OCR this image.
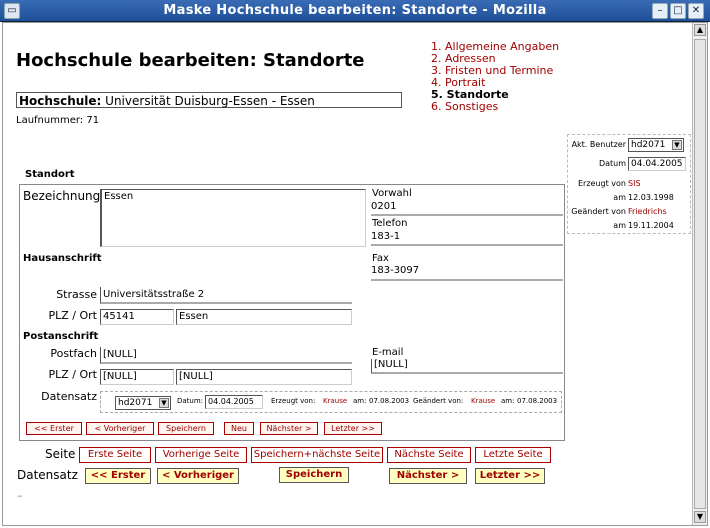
▭	Maske Hochschule bearbeiten: Standorte - Mozilla	–	□ ✕
▲
▼
Hochschule bearbeiten: Standorte
Hochschule: Universität Duisburg-Essen - Essen
Laufnummer: 71
1. Allgemeine Angaben
2. Adressen
3. Fristen und Termine
4. Portrait
5. Standorte
6. Sonstiges
Akt. Benutzer hd2071	▼
Datum 04.04.2005
Erzeugt von SIS
am 12.03.1998
Geändert von Friedrichs
am 19.11.2004
Standort
Bezeichnung Essen	Vorwahl
0201
Telefon
183-1
Hausanschrift	Fax
183-3097
Strasse Universitätsstraße 2
PLZ / Ort 45141	Essen
Postanschrift
Postfach [NULL]	E-mail
[NULL]
PLZ / Ort [NULL]	[NULL]
Datensatz	hd2071	▼	Datum: 04.04.2005	Erzeugt von: Krause am: 07.08.2003 Geändert von: Krause am: 07.08.2003
<< Erster	< Vorheriger	Speichern	Neu	Nächster >	Letzter >>
Seite	Erste Seite	Vorherige Seite	Speichern+nächste Seite	Nächste Seite	Letzte Seite
Datensatz	<< Erster	< Vorheriger	Speichern	Nächster >	Letzter >>
–
